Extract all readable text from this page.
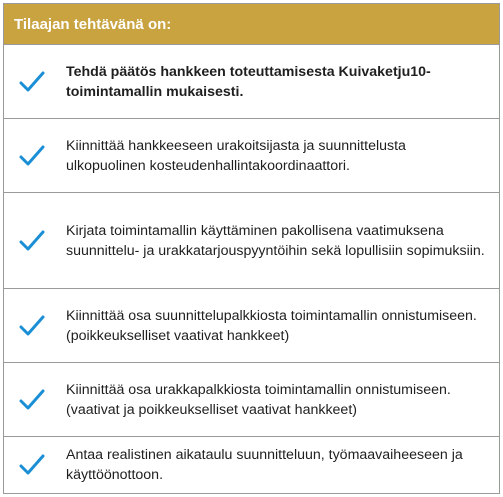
Tilaajan tehtävänä on:
Tehdä päätös hankkeen toteuttamisesta Kuivaketju10-toimintamallin mukaisesti.
Kiinnittää hankkeeseen urakoitsijasta ja suunnittelusta ulkopuolinen kosteudenhallintakoordinaattori.
Kirjata toimintamallin käyttäminen pakollisena vaatimuksena suunnittelu- ja urakkatarjouspyyntöihin sekä lopullisiin sopimuksiin.
Kiinnittää osa suunnittelupalkkiosta toimintamallin onnistumiseen. (poikkeukselliset vaativat hankkeet)
Kiinnittää osa urakkapalkkiosta toimintamallin onnistumiseen. (vaativat ja poikkeukselliset vaativat hankkeet)
Antaa realistinen aikataulu suunnitteluun, työmaavaiheeseen ja käyttöönottoon.
